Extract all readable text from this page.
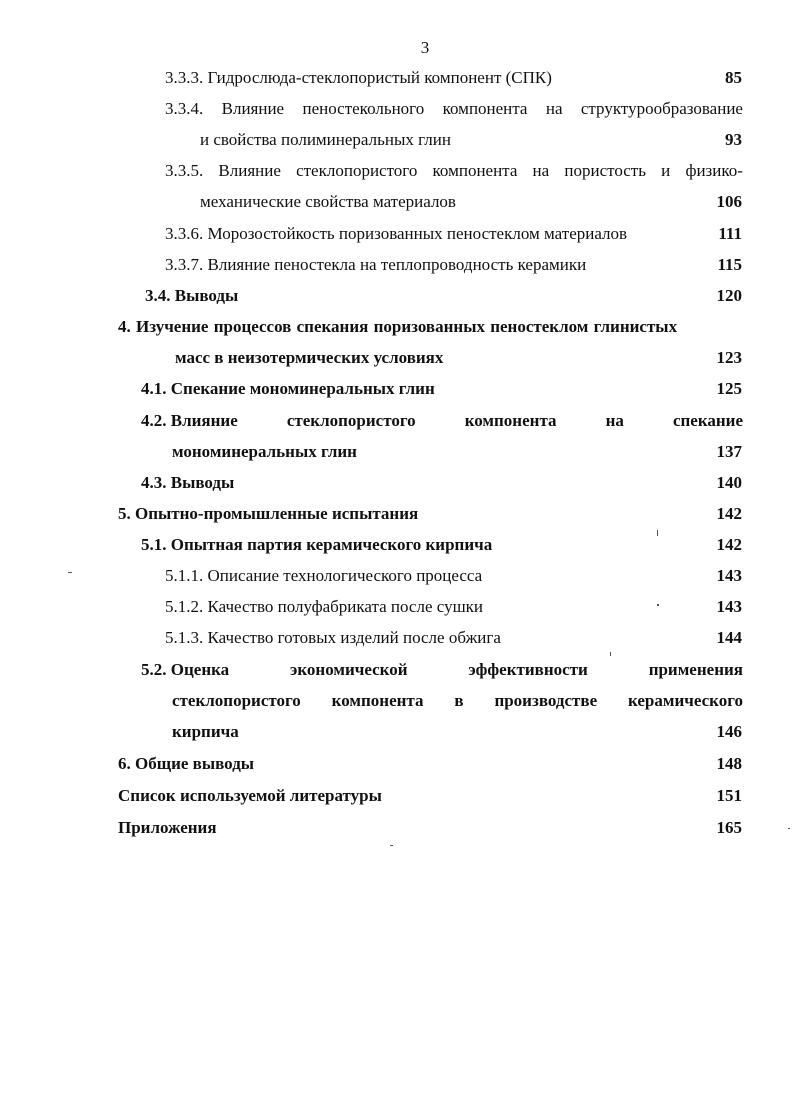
3
3.3.3. Гидрослюда-стеклопористый компонент (СПК)	85
3.3.4. Влияние пеностекольного компонента на структурообразование
и свойства полиминеральных глин	93
3.3.5. Влияние стеклопористого компонента на пористость и физико-
механические свойства материалов	106
3.3.6. Морозостойкость поризованных пеностеклом материалов	111
3.3.7. Влияние пеностекла на теплопроводность керамики	115
3.4. Выводы	120
4. Изучение процессов спекания поризованных пеностеклом глинистых
масс в неизотермических условиях	123
4.1. Спекание мономинеральных глин	125
4.2. Влияние	стеклопористого	компонента	на	спекание
мономинеральных глин	137
4.3. Выводы	140
5. Опытно-промышленные испытания	142
5.1. Опытная партия керамического кирпича	142
5.1.1. Описание технологического процесса	143
5.1.2. Качество полуфабриката после сушки	143
5.1.3. Качество готовых изделий после обжига	144
5.2. Оценка	экономической	эффективности	применения
стеклопористого компонента в производстве керамического
кирпича	146
6. Общие выводы	148
Список используемой литературы	151
Приложения	165
